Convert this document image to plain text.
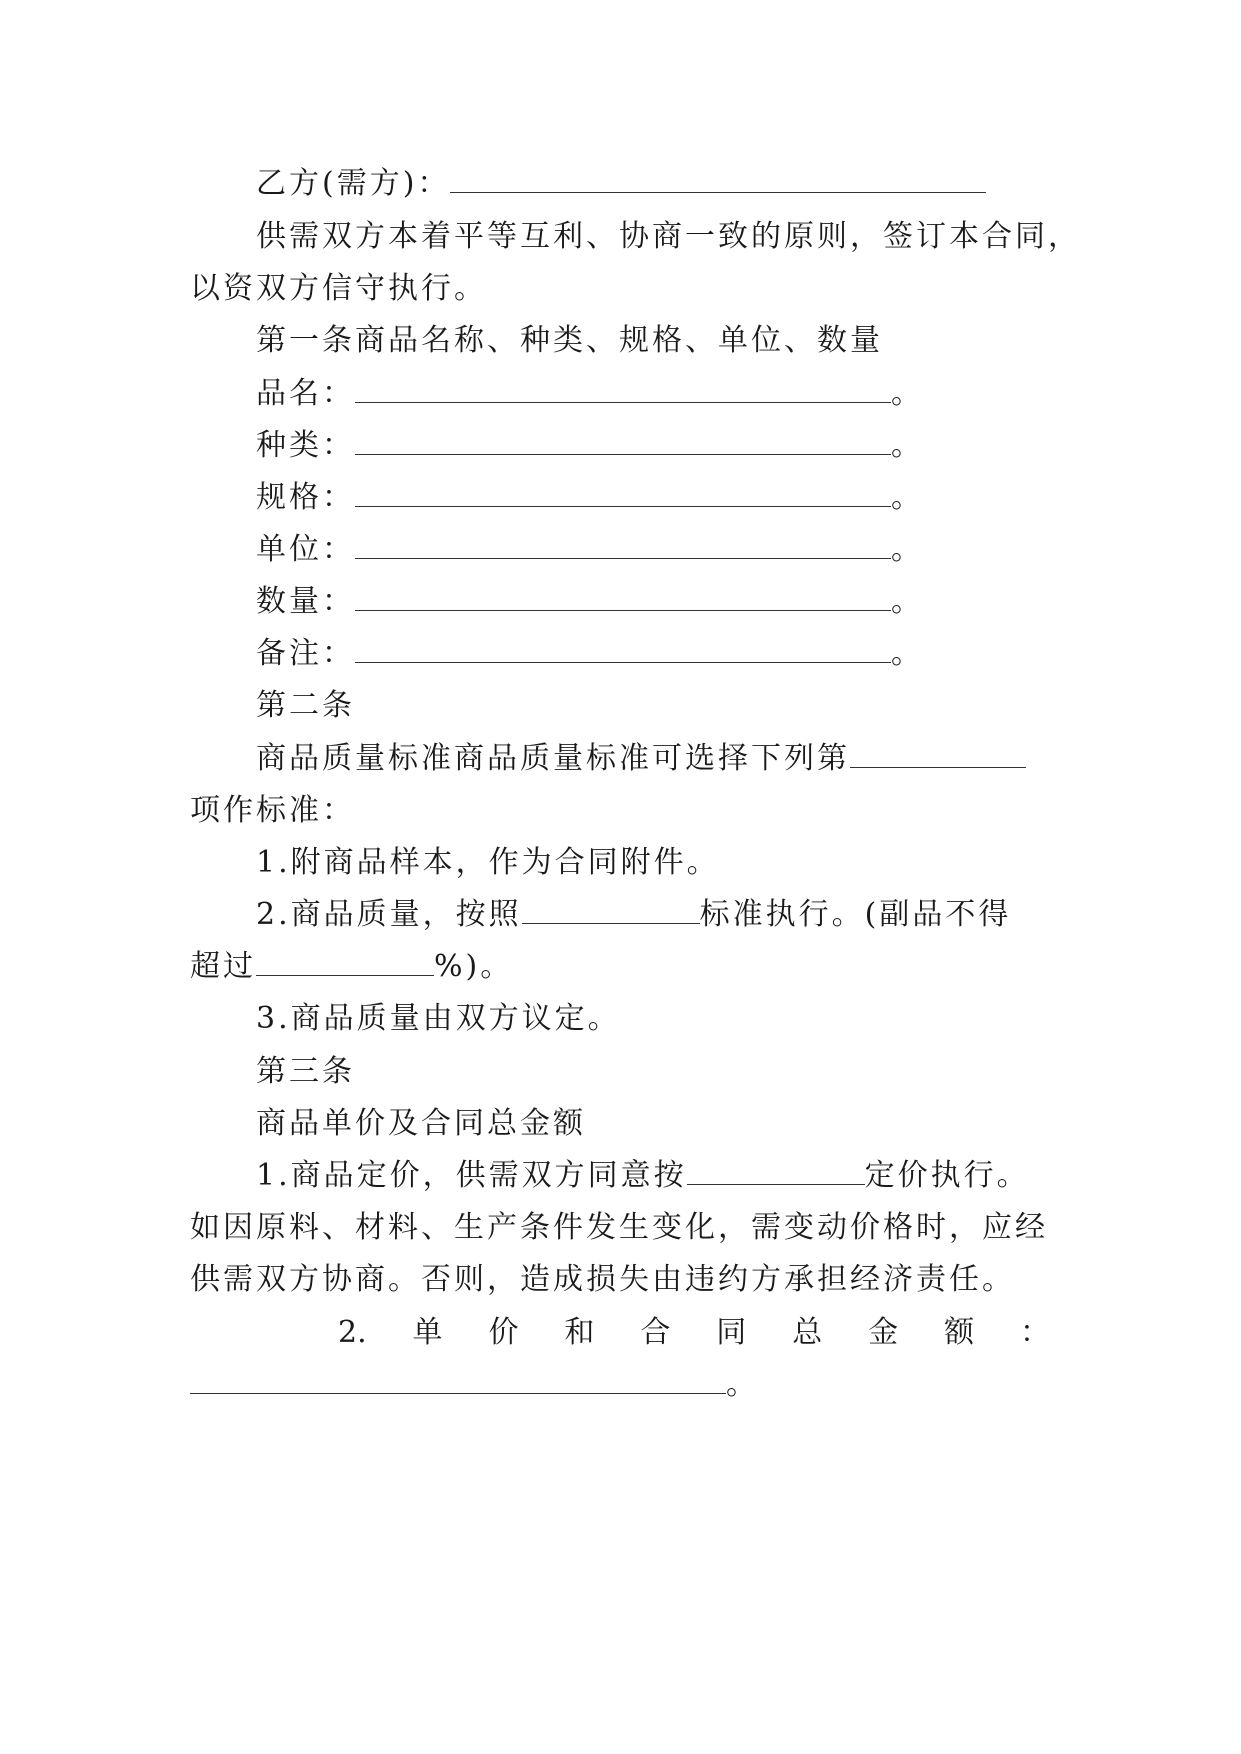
乙方(需方)：
供需双方本着平等互利、协商一致的原则，签订本合同，
以资双方信守执行。
第一条商品名称、种类、规格、单位、数量
品名：	。
种类：	。
规格：	。
单位：	。
数量：	。
备注：	。
第二条
商品质量标准商品质量标准可选择下列第
项作标准：
1.附商品样本，作为合同附件。
2.商品质量，按照	标准执行。(副品不得
超过	%)。
3.商品质量由双方议定。
第三条
商品单价及合同总金额
1.商品定价，供需双方同意按	定价执行。
如因原料、材料、生产条件发生变化，需变动价格时，应经
供需双方协商。否则，造成损失由违约方承担经济责任。
2.单价和合同总金额：
。
